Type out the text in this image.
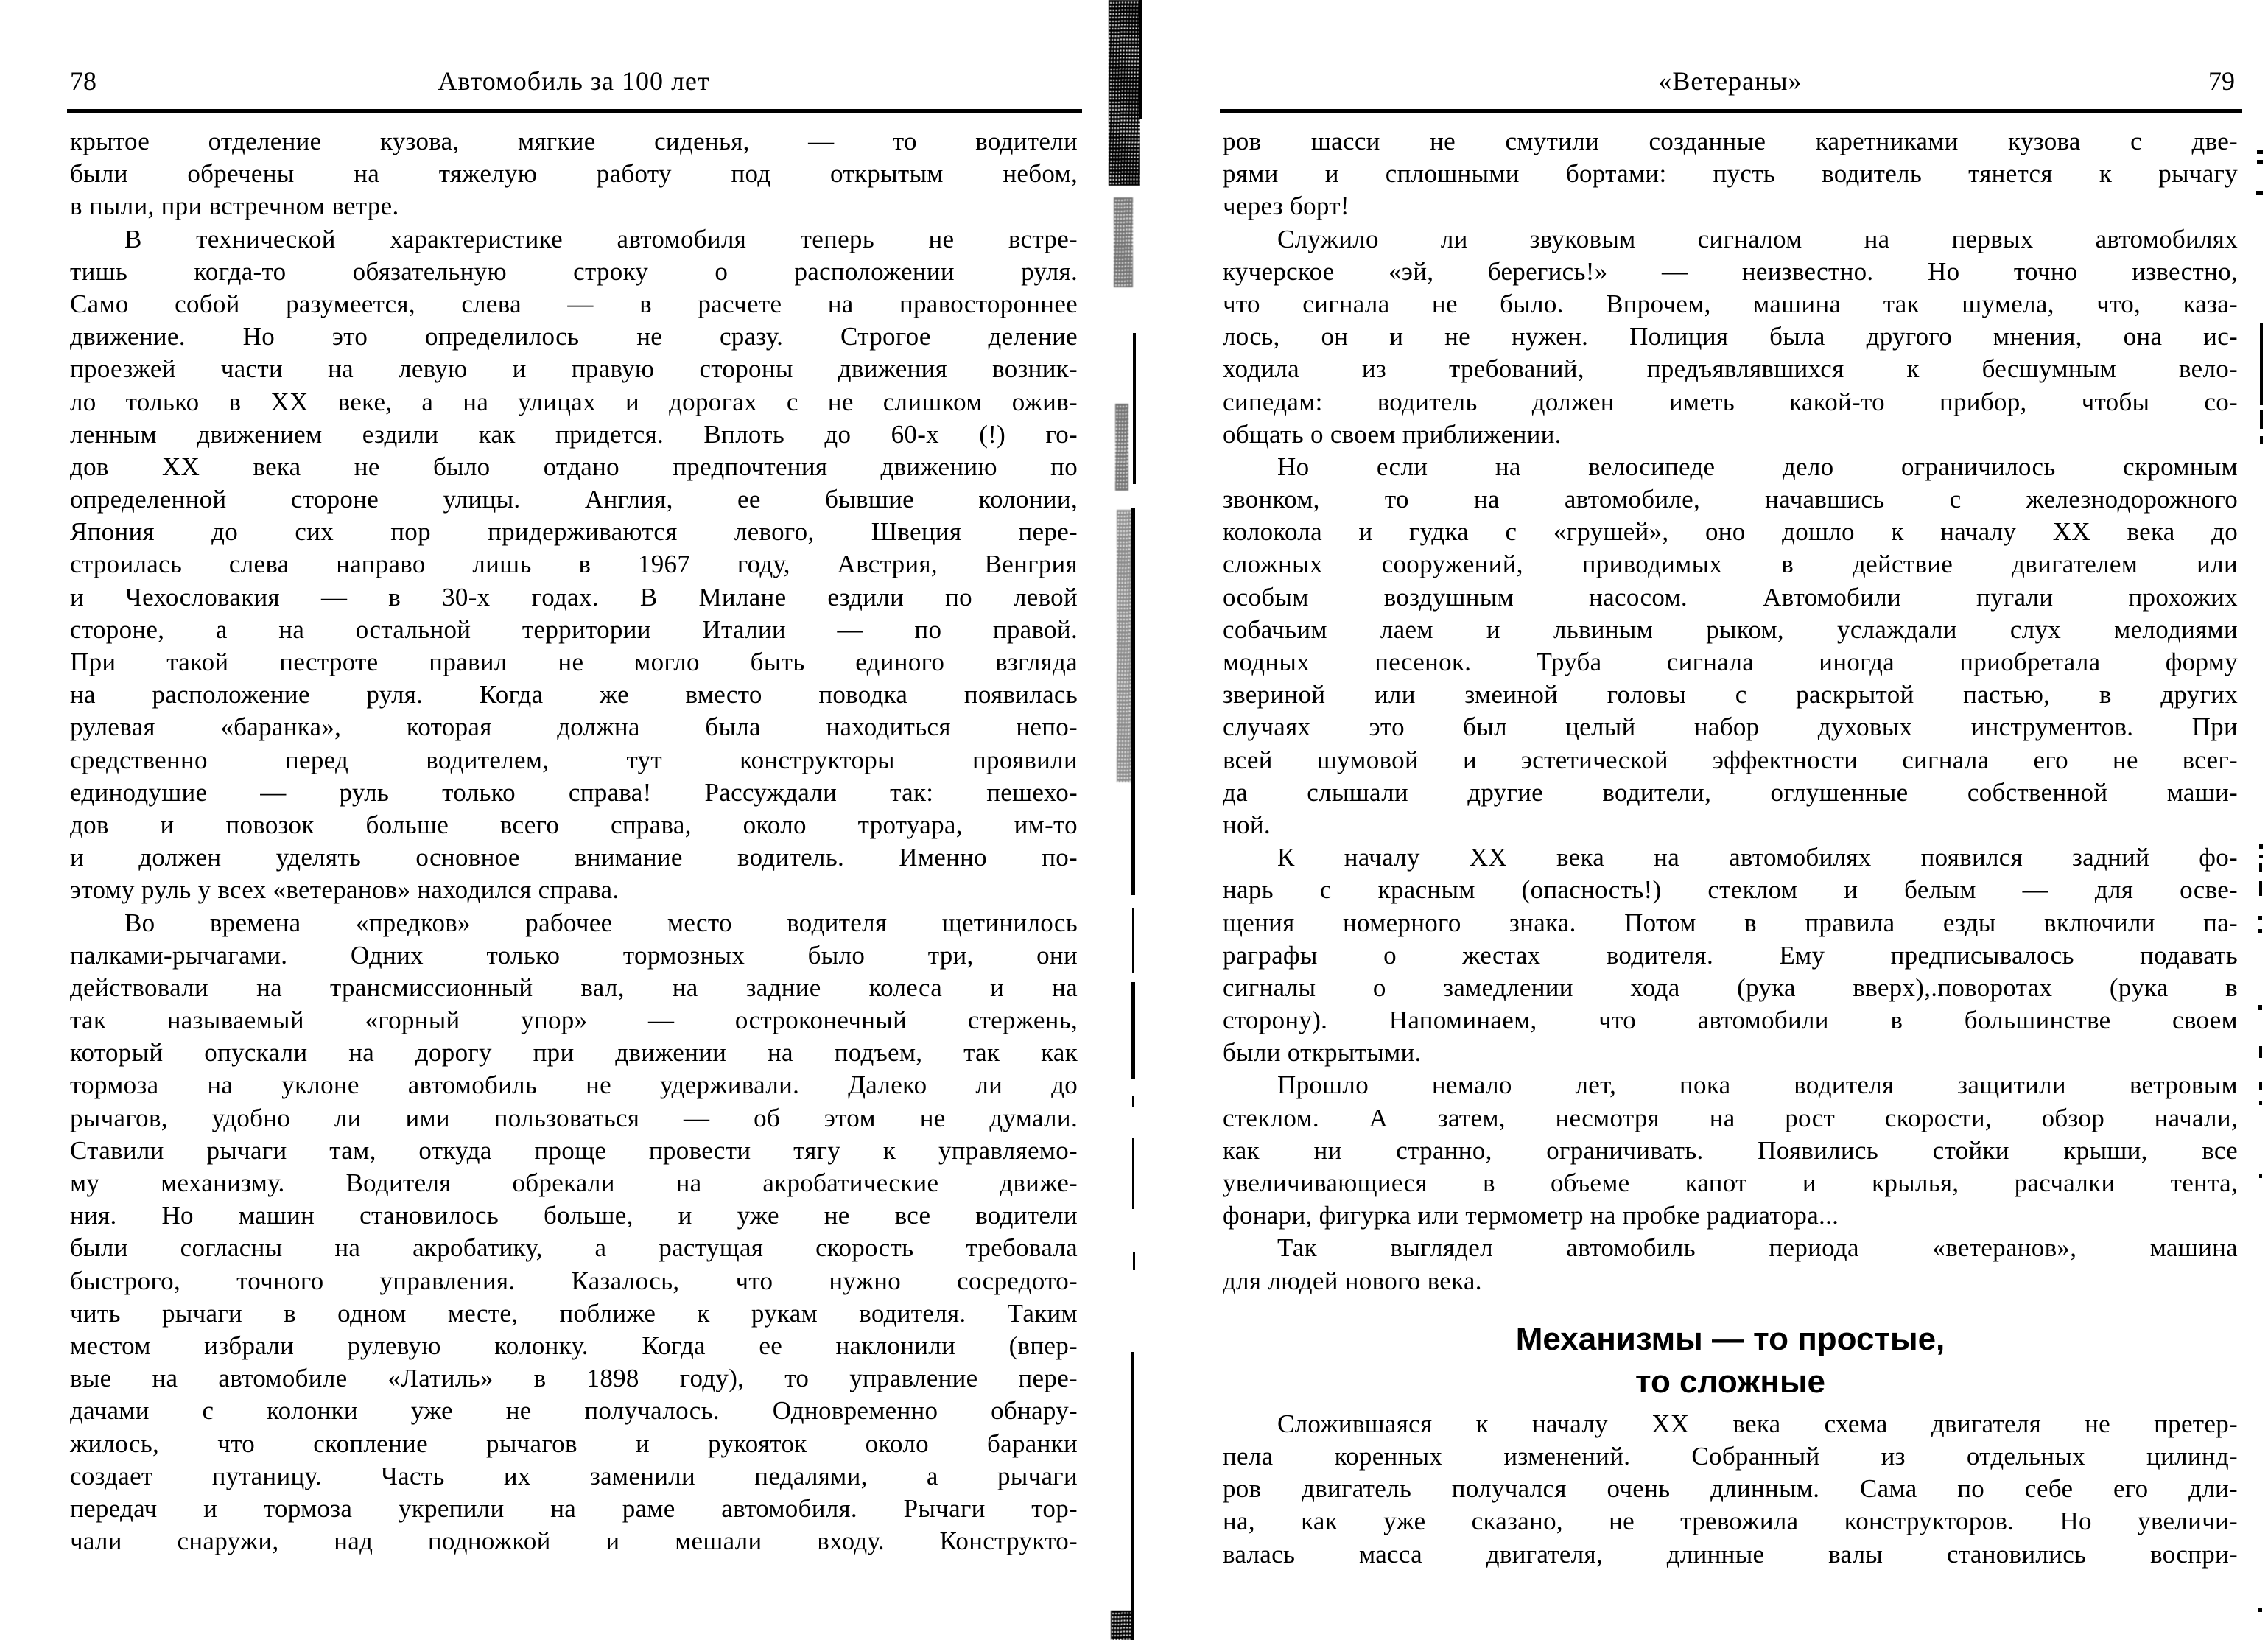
78	Автомобиль за 100 лет
крытое отделение кузова, мягкие сиденья, — то водители
были обречены на тяжелую работу под открытым небом,
в пыли, при встречном ветре.
В технической характеристике автомобиля теперь не встре-
тишь когда-то обязательную строку о расположении руля.
Само собой разумеется, слева — в расчете на правостороннее
движение. Но это определилось не сразу. Строгое деление
проезжей части на левую и правую стороны движения возник-
ло только в XX веке, а на улицах и дорогах с не слишком ожив-
ленным движением ездили как придется. Вплоть до 60-х (!) го-
дов XX века не было отдано предпочтения движению по
определенной стороне улицы. Англия, ее бывшие колонии,
Япония до сих пор придерживаются левого, Швеция пере-
строилась слева направо лишь в 1967 году, Австрия, Венгрия
и Чехословакия — в 30-х годах. В Милане ездили по левой
стороне, а на остальной территории Италии — по правой.
При такой пестроте правил не могло быть единого взгляда
на расположение руля. Когда же вместо поводка появилась
рулевая «баранка», которая должна была находиться непо-
средственно перед водителем, тут конструкторы проявили
единодушие — руль только справа! Рассуждали так: пешехо-
дов и повозок больше всего справа, около тротуара, им-то
и должен уделять основное внимание водитель. Именно по-
этому руль у всех «ветеранов» находился справа.
Во времена «предков» рабочее место водителя щетинилось
палками-рычагами. Одних только тормозных было три, они
действовали на трансмиссионный вал, на задние колеса и на
так называемый «горный упор» — остроконечный стержень,
который опускали на дорогу при движении на подъем, так как
тормоза на уклоне автомобиль не удерживали. Далеко ли до
рычагов, удобно ли ими пользоваться — об этом не думали.
Ставили рычаги там, откуда проще провести тягу к управляемо-
му механизму. Водителя обрекали на акробатические движе-
ния. Но машин становилось больше, и уже не все водители
были согласны на акробатику, а растущая скорость требовала
быстрого, точного управления. Казалось, что нужно сосредото-
чить рычаги в одном месте, поближе к рукам водителя. Таким
местом избрали рулевую колонку. Когда ее наклонили (впер-
вые на автомобиле «Латиль» в 1898 году), то управление пере-
дачами с колонки уже не получалось. Одновременно обнару-
жилось, что скопление рычагов и рукояток около баранки
создает путаницу. Часть их заменили педалями, а рычаги
передач и тормоза укрепили на раме автомобиля. Рычаги тор-
чали снаружи, над подножкой и мешали входу. Конструкто-
«Ветераны»	79
ров шасси не смутили созданные каретниками кузова с две-
рями и сплошными бортами: пусть водитель тянется к рычагу
через борт!
Служило ли звуковым сигналом на первых автомобилях
кучерское «эй, берегись!» — неизвестно. Но точно известно,
что сигнала не было. Впрочем, машина так шумела, что, каза-
лось, он и не нужен. Полиция была другого мнения, она ис-
ходила из требований, предъявлявшихся к бесшумным вело-
сипедам: водитель должен иметь какой-то прибор, чтобы со-
общать о своем приближении.
Но если на велосипеде дело ограничилось скромным
звонком, то на автомобиле, начавшись с железнодорожного
колокола и гудка с «грушей», оно дошло к началу XX века до
сложных сооружений, приводимых в действие двигателем или
особым воздушным насосом. Автомобили пугали прохожих
собачьим лаем и львиным рыком, услаждали слух мелодиями
модных песенок. Труба сигнала иногда приобретала форму
звериной или змеиной головы с раскрытой пастью, в других
случаях это был целый набор духовых инструментов. При
всей шумовой и эстетической эффектности сигнала его не всег-
да слышали другие водители, оглушенные собственной маши-
ной.
К началу XX века на автомобилях появился задний фо-
нарь с красным (опасность!) стеклом и белым — для осве-
щения номерного знака. Потом в правила езды включили па-
раграфы о жестах водителя. Ему предписывалось подавать
сигналы о замедлении хода (рука вверх),.поворотах (рука в
сторону). Напоминаем, что автомобили в большинстве своем
были открытыми.
Прошло немало лет, пока водителя защитили ветровым
стеклом. А затем, несмотря на рост скорости, обзор начали,
как ни странно, ограничивать. Появились стойки крыши, все
увеличивающиеся в объеме капот и крылья, расчалки тента,
фонари, фигурка или термометр на пробке радиатора...
Так выглядел автомобиль периода «ветеранов», машина
для людей нового века.
Механизмы — то простые,
то сложные
Сложившаяся к началу XX века схема двигателя не претер-
пела коренных изменений. Собранный из отдельных цилинд-
ров двигатель получался очень длинным. Сама по себе его дли-
на, как уже сказано, не тревожила конструкторов. Но увеличи-
валась масса двигателя, длинные валы становились воспри-
